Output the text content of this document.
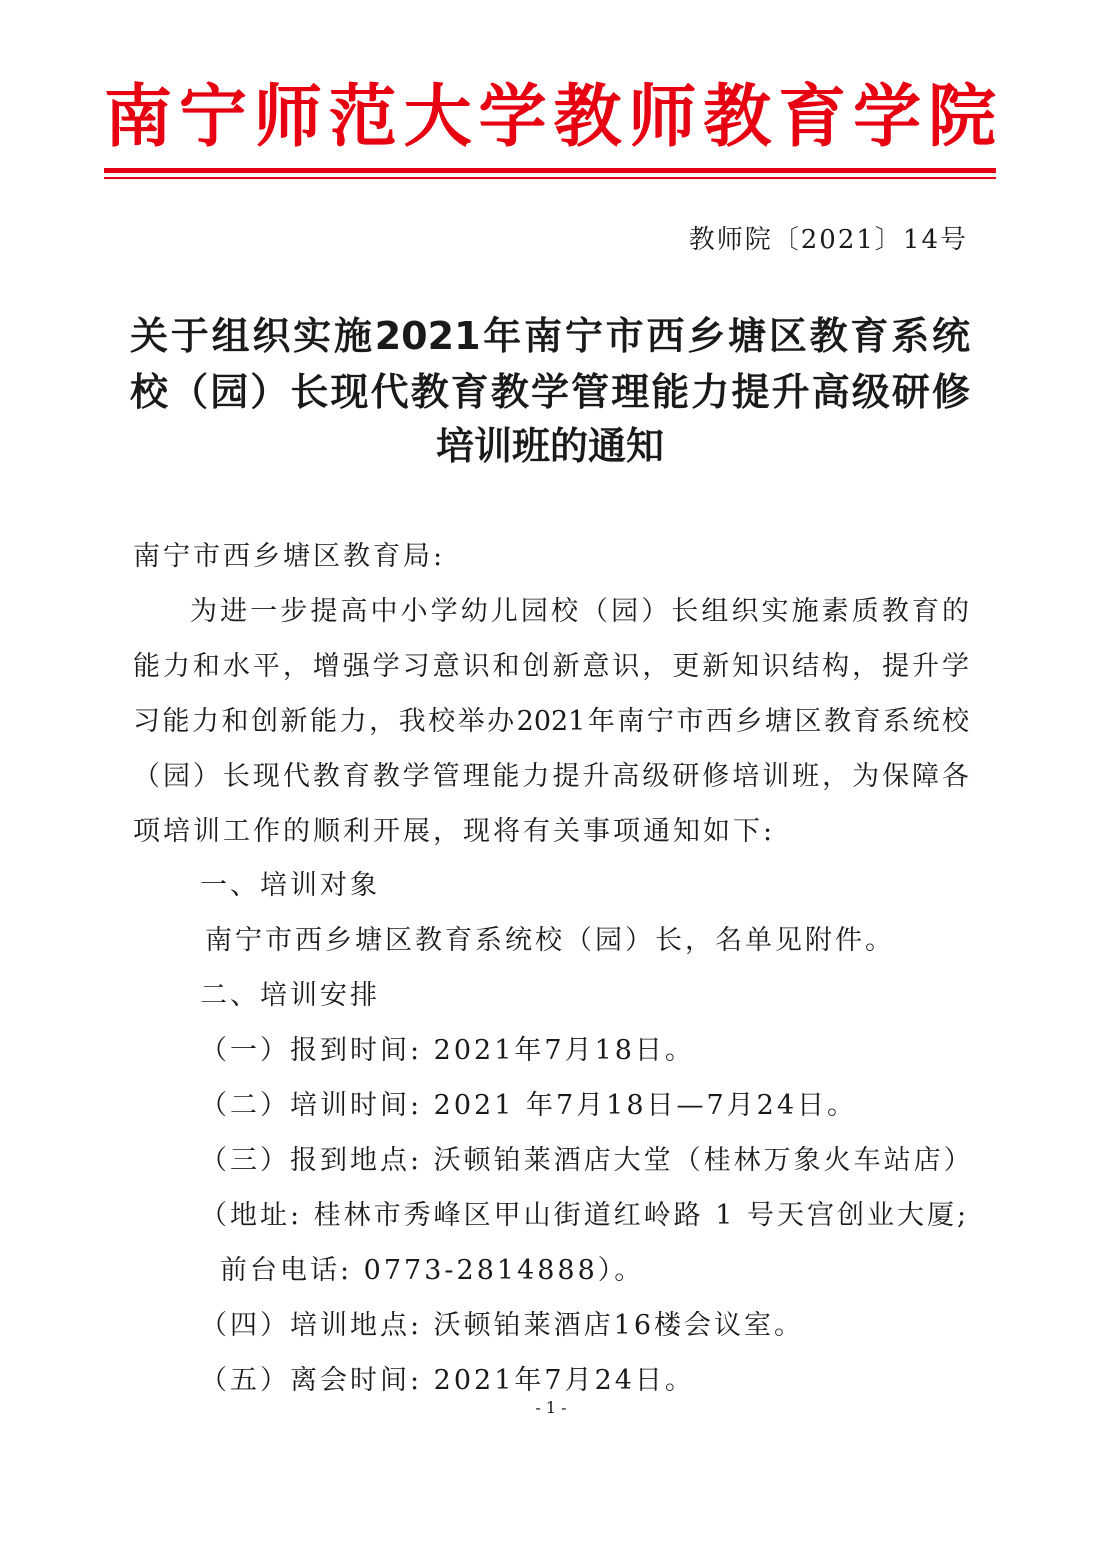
南宁师范大学教师教育学院
教师院〔2021〕14号
关于组织实施2021年南宁市西乡塘区教育系统
校（园）长现代教育教学管理能力提升高级研修
培训班的通知
南宁市西乡塘区教育局:
为进一步提高中小学幼儿园校（园）长组织实施素质教育的
能力和水平，增强学习意识和创新意识，更新知识结构，提升学
习能力和创新能力，我校举办2021年南宁市西乡塘区教育系统校
（园）长现代教育教学管理能力提升高级研修培训班，为保障各
项培训工作的顺利开展，现将有关事项通知如下:
一、培训对象
南宁市西乡塘区教育系统校（园）长，名单见附件。
二、培训安排
（一）报到时间: 2021年7月18日。
（二）培训时间: 2021 年7月18日—7月24日。
（三）报到地点: 沃顿铂莱酒店大堂（桂林万象火车站店）
（地址: 桂林市秀峰区甲山街道红岭路 1 号天宫创业大厦;
前台电话: 0773-2814888）。
（四）培训地点: 沃顿铂莱酒店16楼会议室。
（五）离会时间: 2021年7月24日。
- 1 -
